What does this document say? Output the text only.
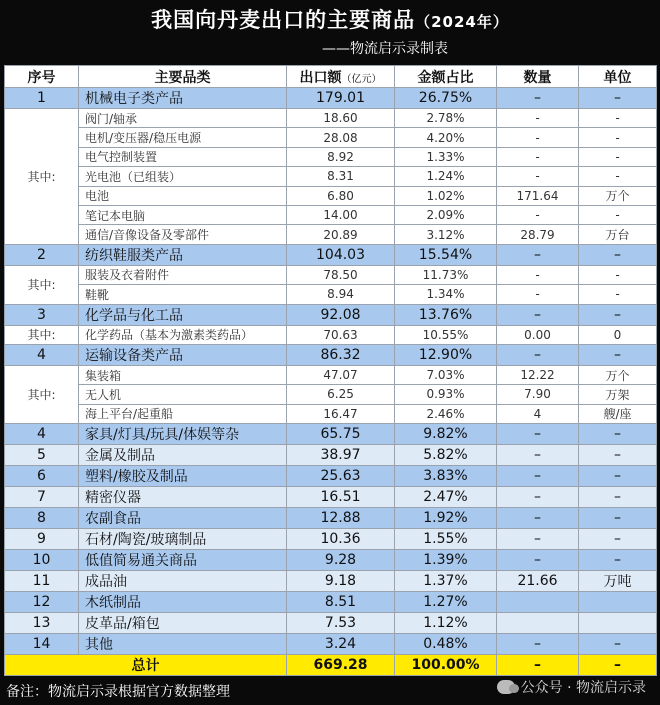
我国向丹麦出口的主要商品（2024年）
——物流启示录制表
序号	主要品类	出口额（亿元）	金额占比	数量	单位
1	机械电子类产品	179.01	26.75%	–	–
其中:	阀门/轴承	18.60	2.78%	-	-
	电机/变压器/稳压电源	28.08	4.20%	-	-
	电气控制装置	8.92	1.33%	-	-
	光电池（已组装）	8.31	1.24%	-	-
	电池	6.80	1.02%	171.64	万个
	笔记本电脑	14.00	2.09%	-	-
	通信/音像设备及零部件	20.89	3.12%	28.79	万台
2	纺织鞋服类产品	104.03	15.54%	–	–
其中:	服装及衣着附件	78.50	11.73%	-	-
	鞋靴	8.94	1.34%	-	-
3	化学品与化工品	92.08	13.76%	–	–
其中:	化学药品（基本为激素类药品）	70.63	10.55%	0.00	0
4	运输设备类产品	86.32	12.90%	–	–
其中:	集装箱	47.07	7.03%	12.22	万个
	无人机	6.25	0.93%	7.90	万架
	海上平台/起重船	16.47	2.46%	4	艘/座
4	家具/灯具/玩具/体娱等杂	65.75	9.82%	–	–
5	金属及制品	38.97	5.82%	–	–
6	塑料/橡胶及制品	25.63	3.83%	–	–
7	精密仪器	16.51	2.47%	–	–
8	农副食品	12.88	1.92%	–	–
9	石材/陶瓷/玻璃制品	10.36	1.55%	–	–
10	低值简易通关商品	9.28	1.39%	–	–
11	成品油	9.18	1.37%	21.66	万吨
12	木纸制品	8.51	1.27%		
13	皮革品/箱包	7.53	1.12%		
14	其他	3.24	0.48%	–	–
总计		669.28	100.00%	–	–
备注：物流启示录根据官方数据整理	公众号 · 物流启示录
